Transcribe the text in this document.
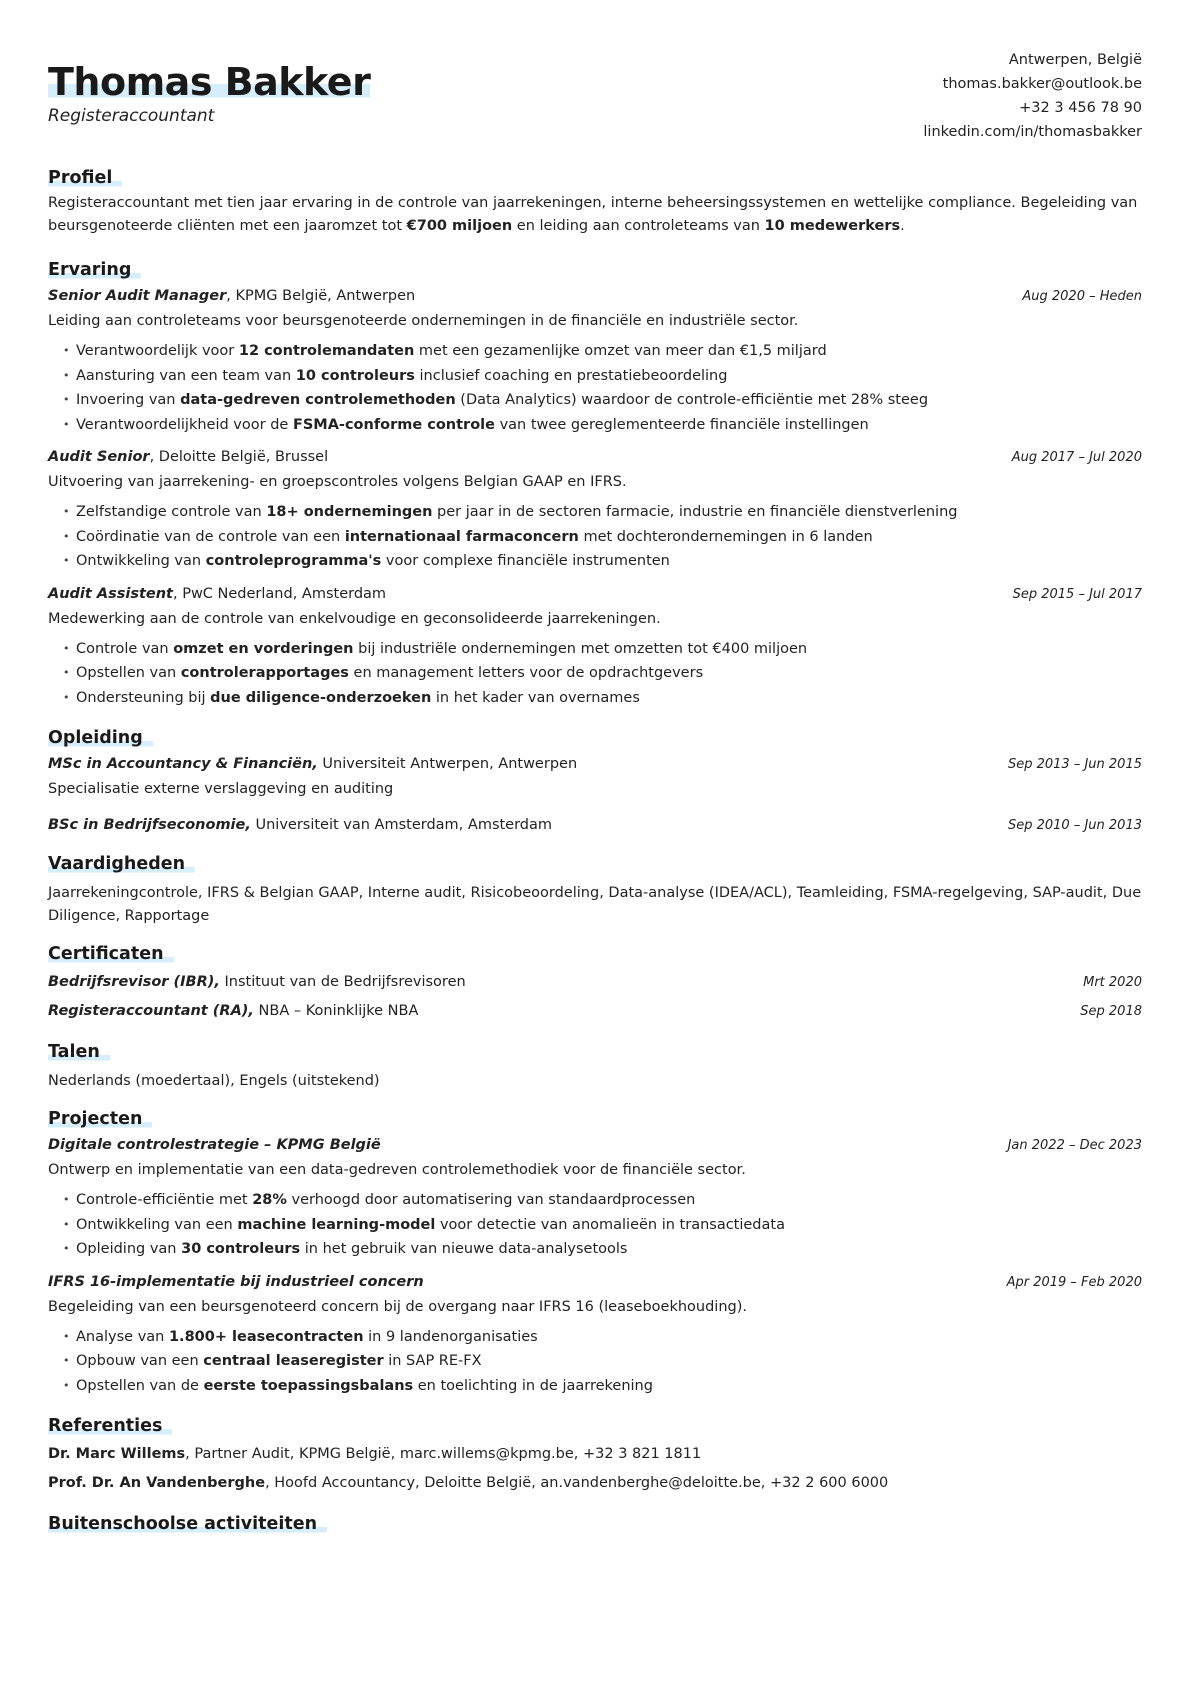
Thomas Bakker
Registeraccountant
Antwerpen, België
thomas.bakker@outlook.be
+32 3 456 78 90
linkedin.com/in/thomasbakker
Profiel

Registeraccountant met tien jaar ervaring in de controle van jaarrekeningen, interne beheersingssystemen en wettelijke compliance. Begeleiding van beursgenoteerde cliënten met een jaaromzet tot €700 miljoen en leiding aan controleteams van 10 medewerkers.

Ervaring
Senior Audit Manager, KPMG België, Antwerpen	Aug 2020 – Heden
Leiding aan controleteams voor beursgenoteerde ondernemingen in de financiële en industriële sector.
• Verantwoordelijk voor 12 controlemandaten met een gezamenlijke omzet van meer dan €1,5 miljard
• Aansturing van een team van 10 controleurs inclusief coaching en prestatiebeoordeling
• Invoering van data-gedreven controlemethoden (Data Analytics) waardoor de controle-efficiëntie met 28% steeg
• Verantwoordelijkheid voor de FSMA-conforme controle van twee gereglementeerde financiële instellingen
Audit Senior, Deloitte België, Brussel	Aug 2017 – Jul 2020
Uitvoering van jaarrekening- en groepscontroles volgens Belgian GAAP en IFRS.
• Zelfstandige controle van 18+ ondernemingen per jaar in de sectoren farmacie, industrie en financiële dienstverlening
• Coördinatie van de controle van een internationaal farmaconcern met dochterondernemingen in 6 landen
• Ontwikkeling van controleprogramma's voor complexe financiële instrumenten
Audit Assistent, PwC Nederland, Amsterdam	Sep 2015 – Jul 2017
Medewerking aan de controle van enkelvoudige en geconsolideerde jaarrekeningen.
• Controle van omzet en vorderingen bij industriële ondernemingen met omzetten tot €400 miljoen
• Opstellen van controlerapportages en management letters voor de opdrachtgevers
• Ondersteuning bij due diligence-onderzoeken in het kader van overnames
Opleiding
MSc in Accountancy & Financiën, Universiteit Antwerpen, Antwerpen	Sep 2013 – Jun 2015
Specialisatie externe verslaggeving en auditing
BSc in Bedrijfseconomie, Universiteit van Amsterdam, Amsterdam	Sep 2010 – Jun 2013
Vaardigheden

Jaarrekeningcontrole, IFRS & Belgian GAAP, Interne audit, Risicobeoordeling, Data-analyse (IDEA/ACL), Teamleiding, FSMA-regelgeving, SAP-audit, Due Diligence, Rapportage

Certificaten
Bedrijfsrevisor (IBR), Instituut van de Bedrijfsrevisoren	Mrt 2020
Registeraccountant (RA), NBA – Koninklijke NBA	Sep 2018
Talen

Nederlands (moedertaal), Engels (uitstekend)

Projecten
Digitale controlestrategie – KPMG België	Jan 2022 – Dec 2023
Ontwerp en implementatie van een data-gedreven controlemethodiek voor de financiële sector.
• Controle-efficiëntie met 28% verhoogd door automatisering van standaardprocessen
• Ontwikkeling van een machine learning-model voor detectie van anomalieën in transactiedata
• Opleiding van 30 controleurs in het gebruik van nieuwe data-analysetools
IFRS 16-implementatie bij industrieel concern	Apr 2019 – Feb 2020
Begeleiding van een beursgenoteerd concern bij de overgang naar IFRS 16 (leaseboekhouding).
• Analyse van 1.800+ leasecontracten in 9 landenorganisaties
• Opbouw van een centraal leaseregister in SAP RE-FX
• Opstellen van de eerste toepassingsbalans en toelichting in de jaarrekening
Referenties
Dr. Marc Willems, Partner Audit, KPMG België, marc.willems@kpmg.be, +32 3 821 1811
Prof. Dr. An Vandenberghe, Hoofd Accountancy, Deloitte België, an.vandenberghe@deloitte.be, +32 2 600 6000
Buitenschoolse activiteiten
